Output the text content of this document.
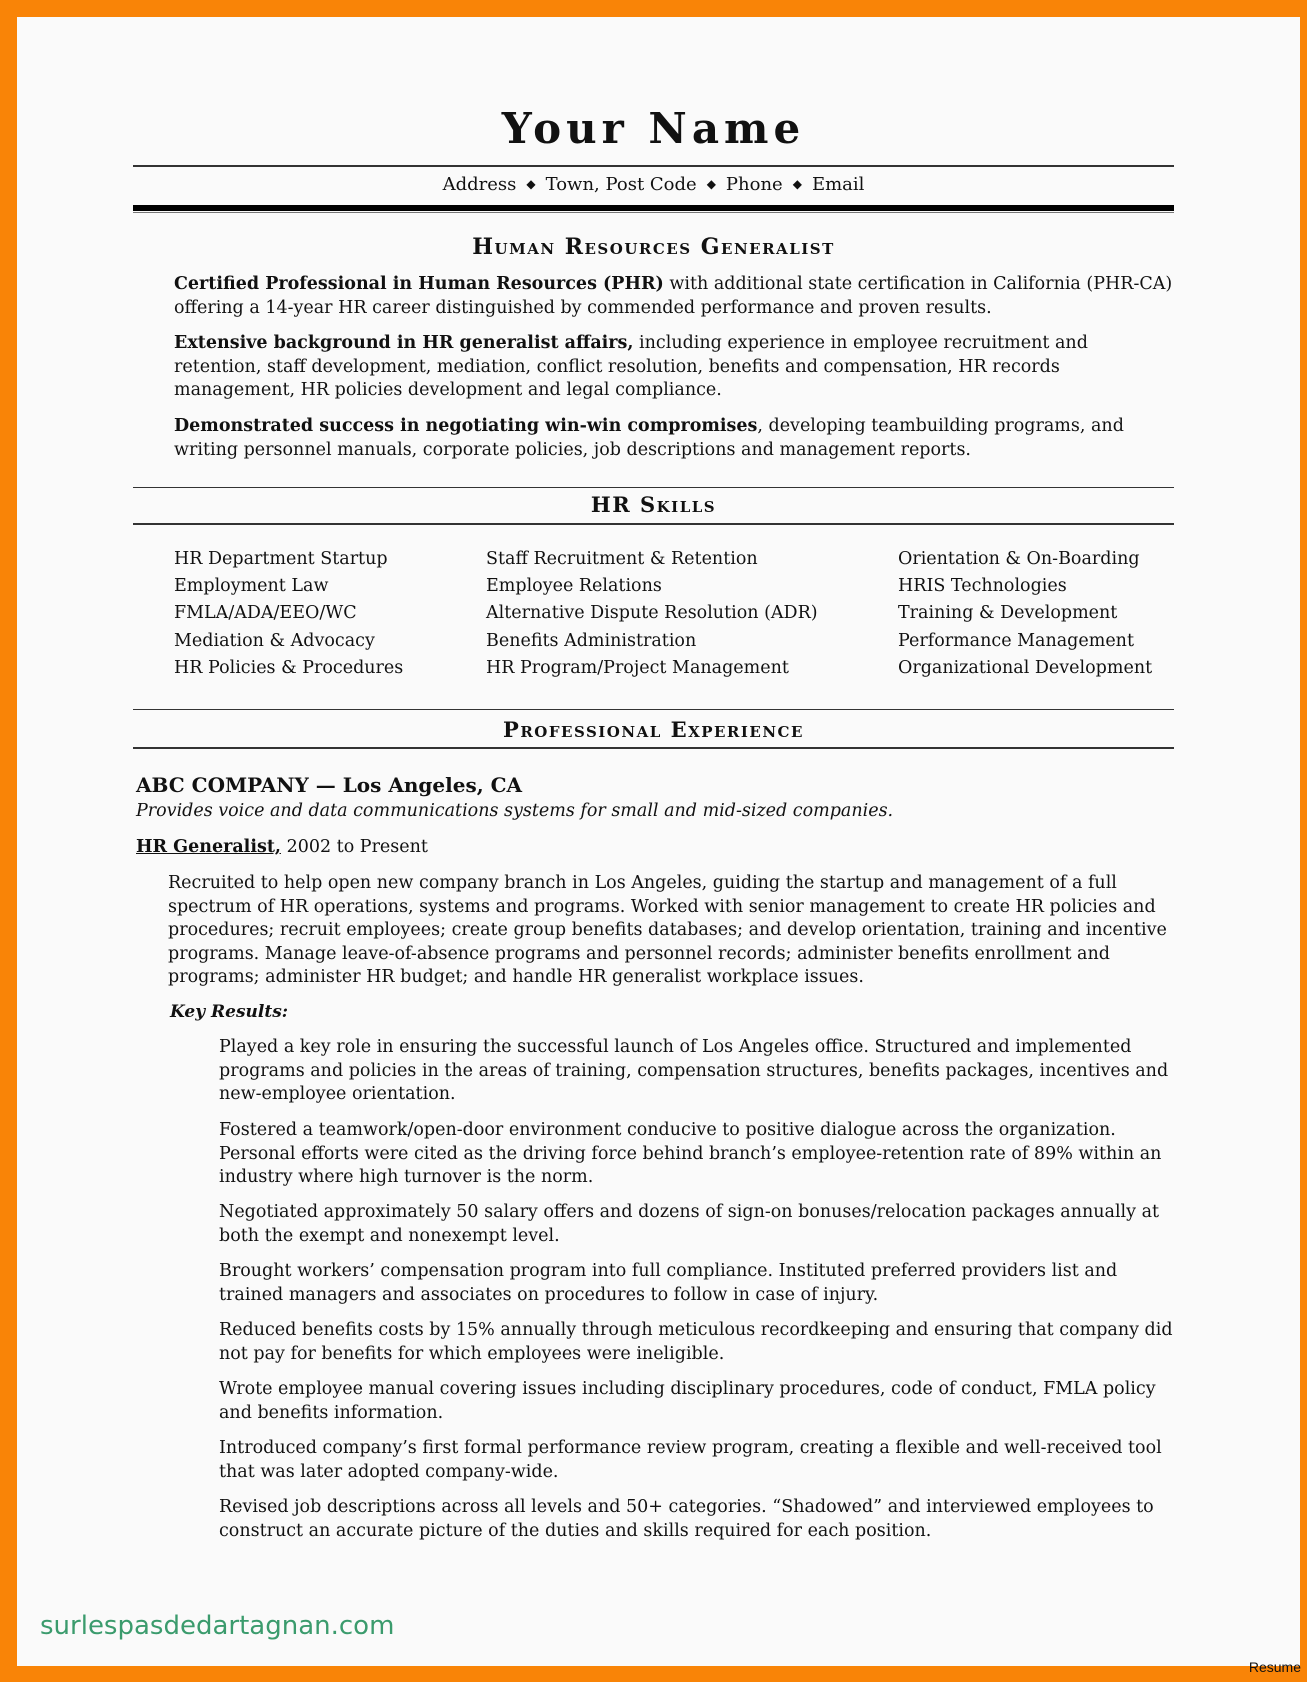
Your Name
Address ◆ Town, Post Code ◆ Phone ◆ Email
Human Resources Generalist
HR Skills
Professional Experience
ABC COMPANY — Los Angeles, CA
Provides voice and data communications systems for small and mid-sized companies.
HR Generalist, 2002 to Present
Recruited to help open new company branch in Los Angeles, guiding the startup and management of a full spectrum of HR operations, systems and programs. Worked with senior management to create HR policies and procedures; recruit employees; create group benefits databases; and develop orientation, training and incentive programs. Manage leave-of-absence programs and personnel records; administer benefits enrollment and programs; administer HR budget; and handle HR generalist workplace issues.
Key Results:
surlespasdedartagnan.com
Resume
Certified Professional in Human Resources (PHR) with additional state certification in California (PHR-CA) offering a 14-year HR career distinguished by commended performance and proven results.
Extensive background in HR generalist affairs, including experience in employee recruitment and retention, staff development, mediation, conflict resolution, benefits and compensation, HR records management, HR policies development and legal compliance.
Demonstrated success in negotiating win-win compromises, developing teambuilding programs, and writing personnel manuals, corporate policies, job descriptions and management reports.
HR Department Startup
Employment Law
FMLA/ADA/EEO/WC
Mediation & Advocacy
HR Policies & Procedures
Staff Recruitment & Retention
Employee Relations
Alternative Dispute Resolution (ADR)
Benefits Administration
HR Program/Project Management
Orientation & On-Boarding
HRIS Technologies
Training & Development
Performance Management
Organizational Development
Played a key role in ensuring the successful launch of Los Angeles office. Structured and implemented programs and policies in the areas of training, compensation structures, benefits packages, incentives and new-employee orientation.
Fostered a teamwork/open-door environment conducive to positive dialogue across the organization. Personal efforts were cited as the driving force behind branch’s employee-retention rate of 89% within an industry where high turnover is the norm.
Negotiated approximately 50 salary offers and dozens of sign-on bonuses/relocation packages annually at both the exempt and nonexempt level.
Brought workers’ compensation program into full compliance. Instituted preferred providers list and trained managers and associates on procedures to follow in case of injury.
Reduced benefits costs by 15% annually through meticulous recordkeeping and ensuring that company did not pay for benefits for which employees were ineligible.
Wrote employee manual covering issues including disciplinary procedures, code of conduct, FMLA policy and benefits information.
Introduced company’s first formal performance review program, creating a flexible and well-received tool that was later adopted company-wide.
Revised job descriptions across all levels and 50+ categories. “Shadowed” and interviewed employees to construct an accurate picture of the duties and skills required for each position.
